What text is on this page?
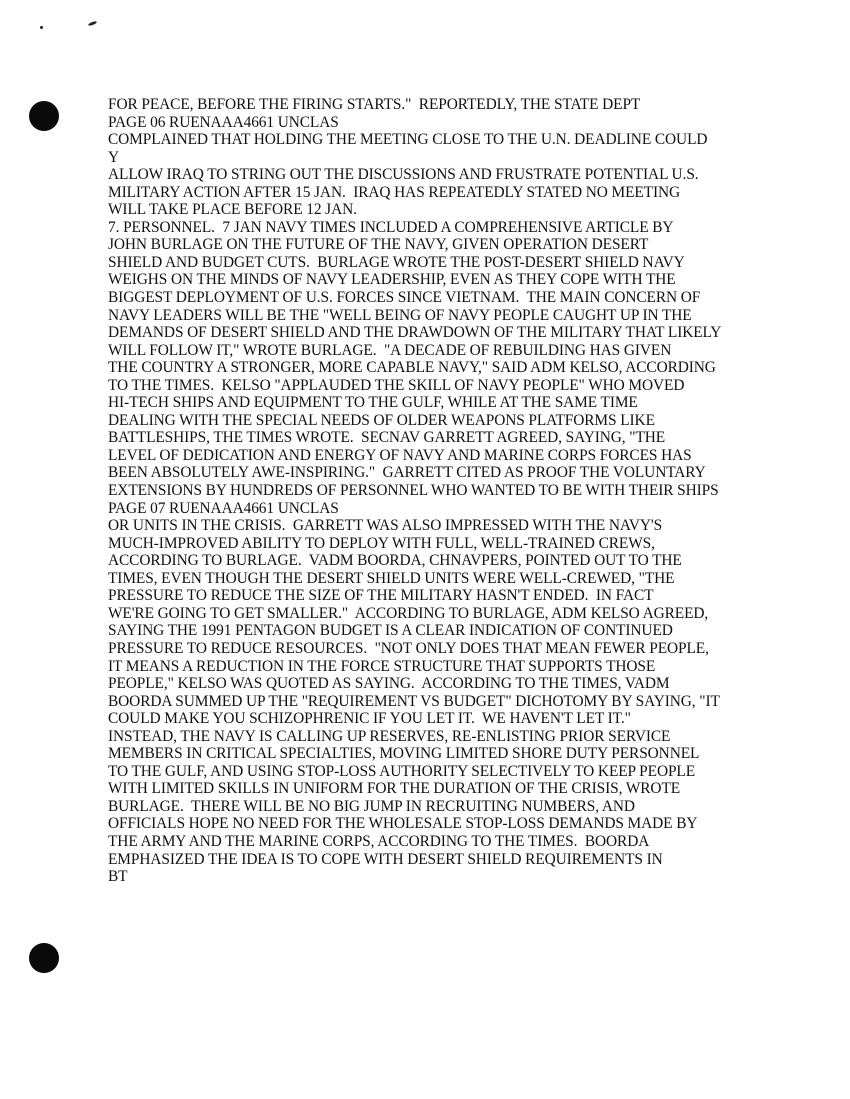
FOR PEACE, BEFORE THE FIRING STARTS."  REPORTEDLY, THE STATE DEPT
PAGE 06 RUENAAA4661 UNCLAS
COMPLAINED THAT HOLDING THE MEETING CLOSE TO THE U.N. DEADLINE COULD
Y
ALLOW IRAQ TO STRING OUT THE DISCUSSIONS AND FRUSTRATE POTENTIAL U.S.
MILITARY ACTION AFTER 15 JAN.  IRAQ HAS REPEATEDLY STATED NO MEETING
WILL TAKE PLACE BEFORE 12 JAN.
7. PERSONNEL.  7 JAN NAVY TIMES INCLUDED A COMPREHENSIVE ARTICLE BY
JOHN BURLAGE ON THE FUTURE OF THE NAVY, GIVEN OPERATION DESERT
SHIELD AND BUDGET CUTS.  BURLAGE WROTE THE POST-DESERT SHIELD NAVY
WEIGHS ON THE MINDS OF NAVY LEADERSHIP, EVEN AS THEY COPE WITH THE
BIGGEST DEPLOYMENT OF U.S. FORCES SINCE VIETNAM.  THE MAIN CONCERN OF
NAVY LEADERS WILL BE THE "WELL BEING OF NAVY PEOPLE CAUGHT UP IN THE
DEMANDS OF DESERT SHIELD AND THE DRAWDOWN OF THE MILITARY THAT LIKELY
WILL FOLLOW IT," WROTE BURLAGE.  "A DECADE OF REBUILDING HAS GIVEN
THE COUNTRY A STRONGER, MORE CAPABLE NAVY," SAID ADM KELSO, ACCORDING
TO THE TIMES.  KELSO "APPLAUDED THE SKILL OF NAVY PEOPLE" WHO MOVED
HI-TECH SHIPS AND EQUIPMENT TO THE GULF, WHILE AT THE SAME TIME
DEALING WITH THE SPECIAL NEEDS OF OLDER WEAPONS PLATFORMS LIKE
BATTLESHIPS, THE TIMES WROTE.  SECNAV GARRETT AGREED, SAYING, "THE
LEVEL OF DEDICATION AND ENERGY OF NAVY AND MARINE CORPS FORCES HAS
BEEN ABSOLUTELY AWE-INSPIRING."  GARRETT CITED AS PROOF THE VOLUNTARY
EXTENSIONS BY HUNDREDS OF PERSONNEL WHO WANTED TO BE WITH THEIR SHIPS
PAGE 07 RUENAAA4661 UNCLAS
OR UNITS IN THE CRISIS.  GARRETT WAS ALSO IMPRESSED WITH THE NAVY'S
MUCH-IMPROVED ABILITY TO DEPLOY WITH FULL, WELL-TRAINED CREWS,
ACCORDING TO BURLAGE.  VADM BOORDA, CHNAVPERS, POINTED OUT TO THE
TIMES, EVEN THOUGH THE DESERT SHIELD UNITS WERE WELL-CREWED, "THE
PRESSURE TO REDUCE THE SIZE OF THE MILITARY HASN'T ENDED.  IN FACT
WE'RE GOING TO GET SMALLER."  ACCORDING TO BURLAGE, ADM KELSO AGREED,
SAYING THE 1991 PENTAGON BUDGET IS A CLEAR INDICATION OF CONTINUED
PRESSURE TO REDUCE RESOURCES.  "NOT ONLY DOES THAT MEAN FEWER PEOPLE,
IT MEANS A REDUCTION IN THE FORCE STRUCTURE THAT SUPPORTS THOSE
PEOPLE," KELSO WAS QUOTED AS SAYING.  ACCORDING TO THE TIMES, VADM
BOORDA SUMMED UP THE "REQUIREMENT VS BUDGET" DICHOTOMY BY SAYING, "IT
COULD MAKE YOU SCHIZOPHRENIC IF YOU LET IT.  WE HAVEN'T LET IT."
INSTEAD, THE NAVY IS CALLING UP RESERVES, RE-ENLISTING PRIOR SERVICE
MEMBERS IN CRITICAL SPECIALTIES, MOVING LIMITED SHORE DUTY PERSONNEL
TO THE GULF, AND USING STOP-LOSS AUTHORITY SELECTIVELY TO KEEP PEOPLE
WITH LIMITED SKILLS IN UNIFORM FOR THE DURATION OF THE CRISIS, WROTE
BURLAGE.  THERE WILL BE NO BIG JUMP IN RECRUITING NUMBERS, AND
OFFICIALS HOPE NO NEED FOR THE WHOLESALE STOP-LOSS DEMANDS MADE BY
THE ARMY AND THE MARINE CORPS, ACCORDING TO THE TIMES.  BOORDA
EMPHASIZED THE IDEA IS TO COPE WITH DESERT SHIELD REQUIREMENTS IN
BT
